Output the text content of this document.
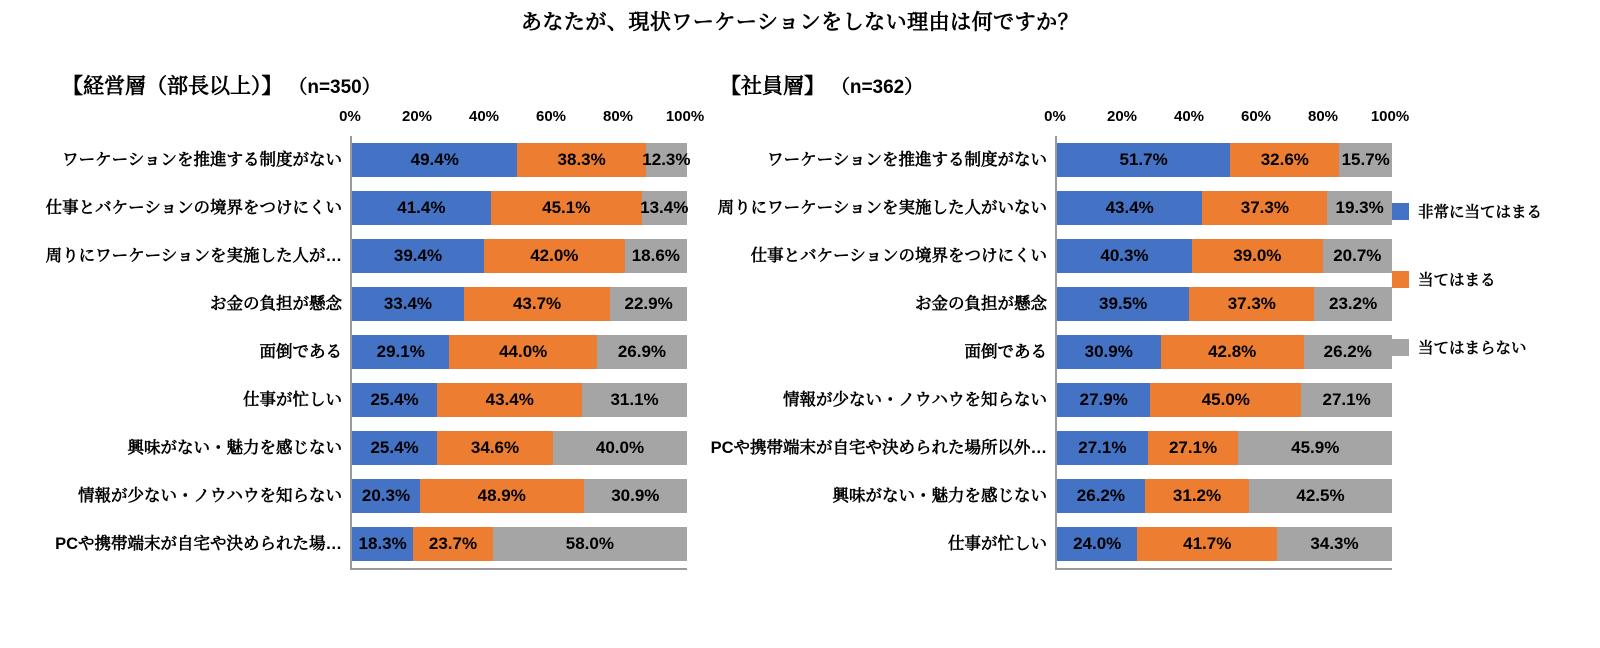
あなたが、現状ワーケーションをしない理由は何ですか？
【経営層（部長以上）】 （n=350）
0%	20% 40% 60% 80% 100%
ワーケーションを推進する制度がない	49.4%	38.3% 12.3%
仕事とバケーションの境界をつけにくい	41.4%	45.1%	13.4%
周りにワーケーションを実施した人が…	39.4%	42.0%	18.6%
お金の負担が懸念	33.4%	43.7%	22.9%
面倒である	29.1%	44.0%	26.9%
仕事が忙しい	25.4%	43.4%	31.1%
興味がない・魅力を感じない	25.4%	34.6%	40.0%
情報が少ない・ノウハウを知らない	20.3%	48.9%	30.9%
PCや携帯端末が自宅や決められた場… 18.3% 23.7%	58.0%
【社員層】 （n=362）
0%	20% 40% 60% 80% 100%
ワーケーションを推進する制度がない	51.7%	32.6% 15.7%
周りにワーケーションを実施した人がいない	43.4%	37.3%	19.3%
仕事とバケーションの境界をつけにくい	40.3%	39.0%	20.7%
お金の負担が懸念	39.5%	37.3%	23.2%
面倒である	30.9%	42.8%	26.2%
情報が少ない・ノウハウを知らない	27.9%	45.0%	27.1%
PCや携帯端末が自宅や決められた場所以外…	27.1%	27.1%	45.9%
興味がない・魅力を感じない	26.2%	31.2%	42.5%
仕事が忙しい	24.0%	41.7%	34.3%
非常に当てはまる
当てはまる
当てはまらない
